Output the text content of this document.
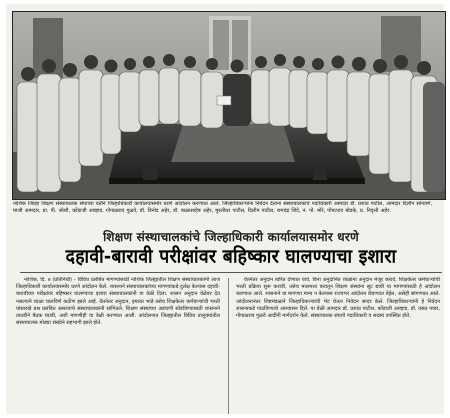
नाशिक जिल्हा शिक्षण संस्थाचालक संघाच्या वतीने जिल्हाधिकारी कार्यालयासमोर धरणे आंदोलन करण्यात आले. जिल्हाधिकाऱ्यांना निवेदन देताना संस्थाचालकांचे पदाधिकारी आमदार डॉ. प्रशांत पाटील, आमदार दिलीप सोनवणे, माजी आमदार, प्रा. पी. जोशी, कोंडाजी आव्हाड, गोपाळराव गुळवे, डॉ. विनोद अहेर, डॉ. बाळासाहेब अहेर, मुरलीधर पाटील, दिलीप पाटील, रामचंद्र शिंदे, नं. पो. मोरे, पोपटराव बोडके, प्र. निवृत्ती अहेर.
शिक्षण संस्थाचालकांचे जिल्हाधिकारी कार्यालयासमोर धरणे
दहावी-बारावी परीक्षांवर बहिष्कार घालण्याचा इशारा

नाशिक, दि. ७ (प्रतिनिधी) - विविध प्रलंबित मागण्यांसाठी नाशिक जिल्ह्यातील शिक्षण संस्थाचालकांनी आज जिल्हाधिकारी कार्यालयासमोर धरणे आंदोलन केले. शासनाने संस्थाचालकांच्या मागण्यांकडे दुर्लक्ष केल्यास दहावी-बारावीच्या परीक्षांवर बहिष्कार घालण्याचा इशारा संस्थाचालकांनी या वेळी दिला. शासन अनुदान वेळेवर देत नसल्याने शाळा चालविणे कठीण झाले आहे. वेतनेतर अनुदान, इमारत भाडे तसेच शिक्षकेतर कर्मचाऱ्यांची भरती यांसारखे प्रश्न प्रलंबित असल्याचे संस्थाचालकांनी सांगितले. शिक्षण संस्थांच्या अडचणी सोडविण्यासाठी शासनाने तातडीने बैठक घ्यावी, अशी मागणीही या वेळी करण्यात आली. आंदोलनात जिल्ह्यातील विविध तालुक्यांतील संस्थाचालक मोठ्या संख्येने सहभागी झाले होते.

वेतनेतर अनुदान त्वरित देण्यात यावे, विना अनुदानित शाळांना अनुदान मंजूर करावे, शिक्षकेतर कर्मचाऱ्यांची भरती प्रक्रिया सुरू करावी, तसेच मालमत्ता करातून शिक्षण संस्थांना सूट द्यावी या मागण्यांसाठी हे आंदोलन करण्यात आले. शासनाने या मागण्या मान्य न केल्यास राज्यभर आंदोलन छेडण्यात येईल, असेही सांगण्यात आले. आंदोलनानंतर शिष्टमंडळाने जिल्हाधिकाऱ्यांची भेट घेऊन निवेदन सादर केले. जिल्हाधिकाऱ्यांनी हे निवेदन शासनाकडे पाठविण्याचे आश्वासन दिले. या वेळी आमदार डॉ. प्रशांत पाटील, कोंडाजी आव्हाड, डॉ. वसंत पवार, गोपाळराव गुळवे आदींनी मार्गदर्शन केले. संस्थाचालक संघाचे पदाधिकारी व सदस्य उपस्थित होते.
